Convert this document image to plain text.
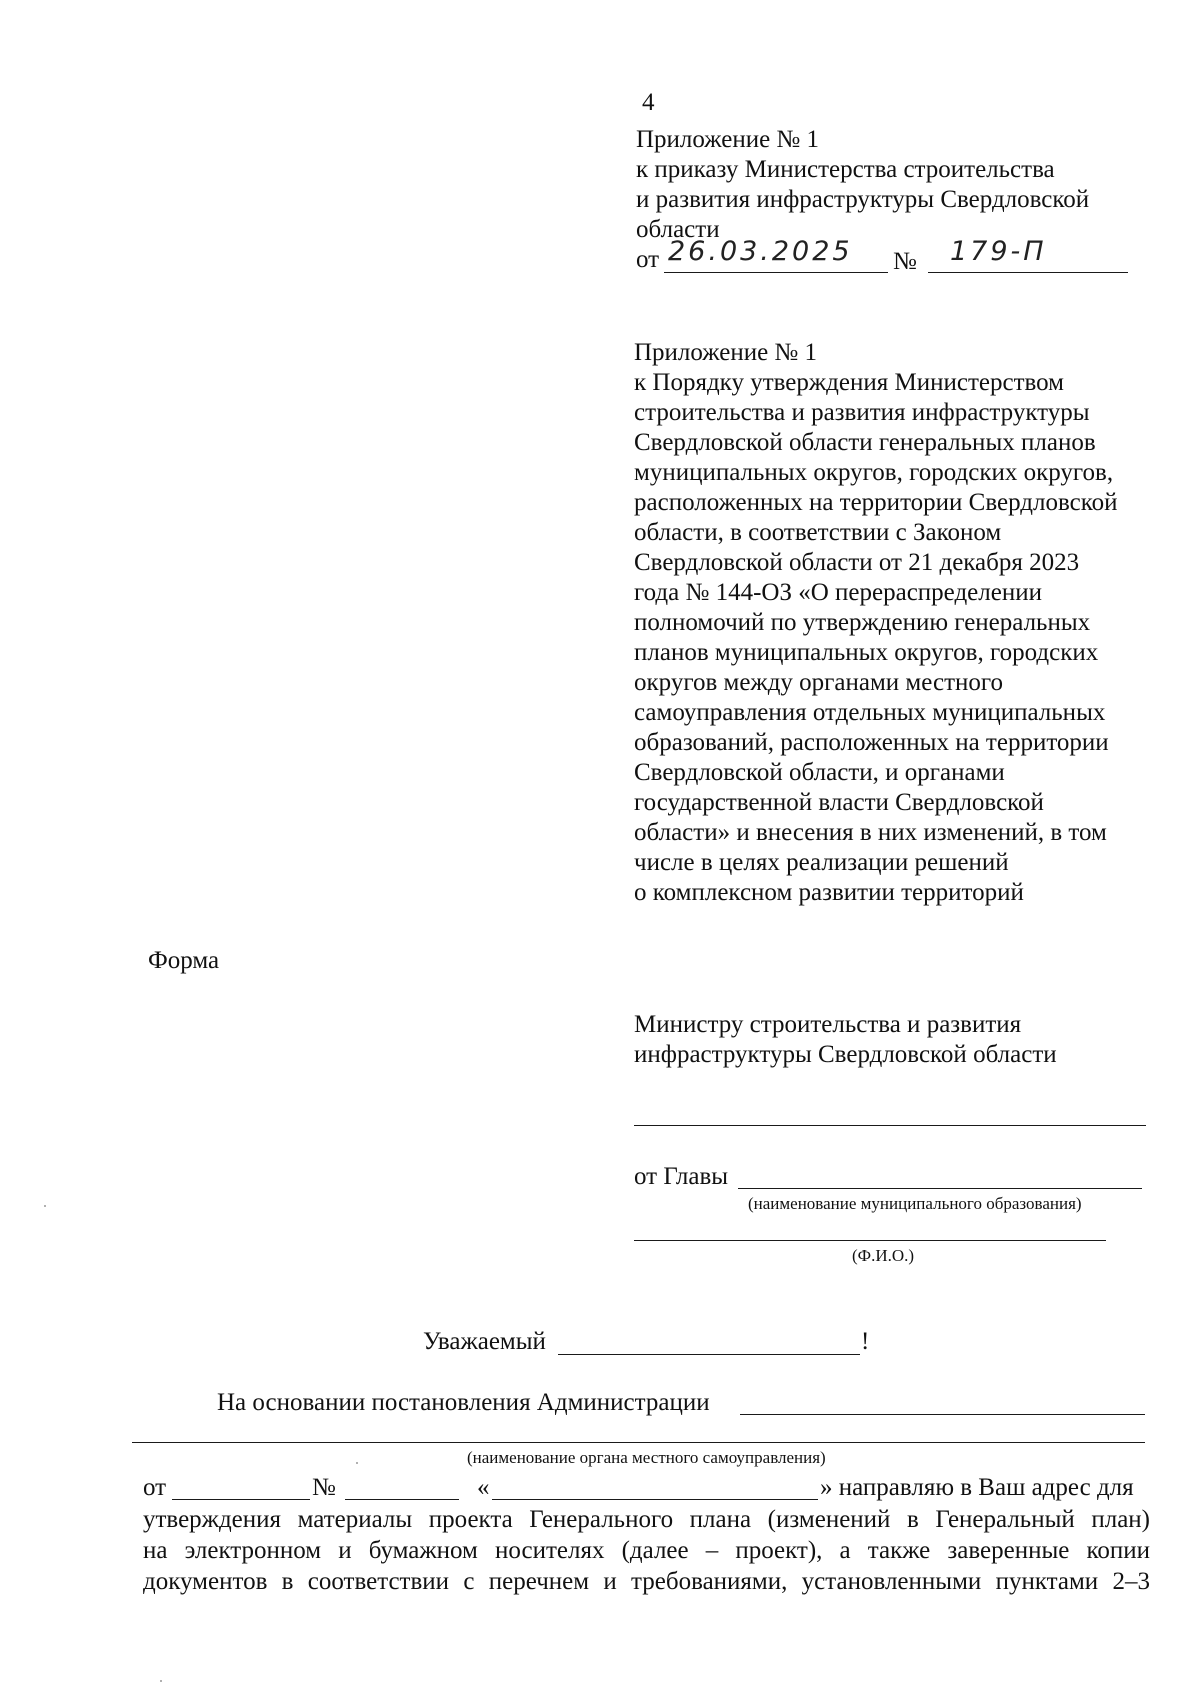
4
Приложение № 1
к приказу Министерства строительства
и развития инфраструктуры Свердловской
области
от 26.03.2025 № 179-П
Приложение № 1
к Порядку утверждения Министерством
строительства и развития инфраструктуры
Свердловской области генеральных планов
муниципальных округов, городских округов,
расположенных на территории Свердловской
области, в соответствии с Законом
Свердловской области от 21 декабря 2023
года № 144-ОЗ «О перераспределении
полномочий по утверждению генеральных
планов муниципальных округов, городских
округов между органами местного
самоуправления отдельных муниципальных
образований, расположенных на территории
Свердловской области, и органами
государственной власти Свердловской
области» и внесения в них изменений, в том
числе в целях реализации решений
о комплексном развитии территорий
Форма
Министру строительства и развития
инфраструктуры Свердловской области
от Главы
(наименование муниципального образования)
(Ф.И.О.)
Уважаемый	!
На основании постановления Администрации
(наименование органа местного самоуправления)
от	№	«	» направляю в Ваш адрес для
утверждения материалы проекта Генерального плана (изменений в Генеральный план)
на электронном и бумажном носителях (далее – проект), а также заверенные копии
документов в соответствии с перечнем и требованиями, установленными пунктами 2–3
